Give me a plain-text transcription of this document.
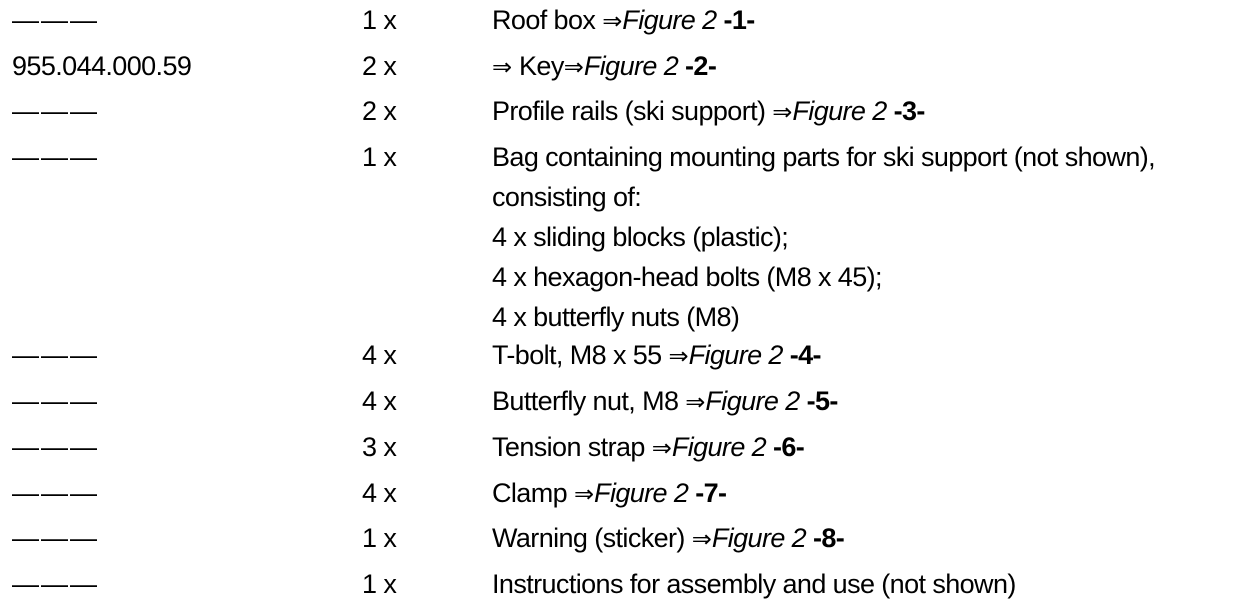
———	1 x	Roof box ⇒Figure 2 -1-
955.044.000.59	2 x	⇒ Key⇒Figure 2 -2-
———	2 x	Profile rails (ski support) ⇒Figure 2 -3-
———	1 x	Bag containing mounting parts for ski support (not shown),
consisting of:
4 x sliding blocks (plastic);
4 x hexagon-head bolts (M8 x 45);
4 x butterfly nuts (M8)
———	4 x	T-bolt, M8 x 55 ⇒Figure 2 -4-
———	4 x	Butterfly nut, M8 ⇒Figure 2 -5-
———	3 x	Tension strap ⇒Figure 2 -6-
———	4 x	Clamp ⇒Figure 2 -7-
———	1 x	Warning (sticker) ⇒Figure 2 -8-
———	1 x	Instructions for assembly and use (not shown)
